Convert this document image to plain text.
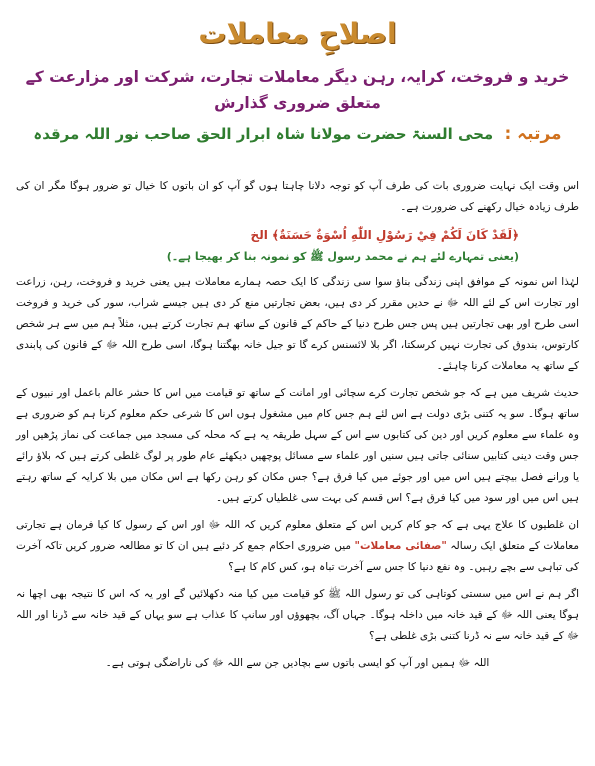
اصلاحِ معاملات
خرید و فروخت، کرایہ، رہن دیگر معاملات تجارت، شرکت اور مزارعت کے متعلق ضروری گذارش
مرتبہ : محی السنۃ حضرت مولانا شاہ ابرار الحق صاحب نور اللہ مرقدہ

اس وقت ایک نہایت ضروری بات کی طرف آپ کو توجہ دلانا چاہتا ہوں گو آپ کو ان باتوں کا خیال تو ضرور ہوگا مگر ان کی طرف زیادہ خیال رکھنے کی ضرورت ہے۔

﴿لَقَدْ كَانَ لَكُمْ فِيْ رَسُوْلِ اللّٰهِ اُسْوَةٌ حَسَنَةٌ﴾ الخ
(یعنی تمہارے لئے ہم نے محمد رسول ﷺ کو نمونہ بنا کر بھیجا ہے۔)

لہٰذا اس نمونہ کے موافق اپنی زندگی بناؤ سوا سی زندگی کا ایک حصہ ہمارے معاملات ہیں یعنی خرید و فروخت، رہن، زراعت اور تجارت اس کے لئے اللہ ﷻ نے حدیں مقرر کر دی ہیں، بعض تجارتیں منع کر دی ہیں جیسے شراب، سور کی خرید و فروخت اسی طرح اور بھی تجارتیں ہیں پس جس طرح دنیا کے حاکم کے قانون کے ساتھ ہم تجارت کرتے ہیں، مثلاً ہم میں سے ہر شخص کارتوس، بندوق کی تجارت نہیں کرسکتا، اگر بلا لائسنس کرے گا تو جیل خانہ بھگتنا ہوگا، اسی طرح اللہ ﷻ کے قانون کی پابندی کے ساتھ یہ معاملات کرنا چاہئے۔

حدیث شریف میں ہے کہ جو شخص تجارت کرے سچائی اور امانت کے ساتھ تو قیامت میں اس کا حشر عالم باعمل اور نبیوں کے ساتھ ہوگا۔ سو یہ کتنی بڑی دولت ہے اس لئے ہم جس کام میں مشغول ہوں اس کا شرعی حکم معلوم کرنا ہم کو ضروری ہے وہ علماء سے معلوم کریں اور دین کی کتابوں سے اس کے سہل طریقہ یہ ہے کہ محلہ کی مسجد میں جماعت کی نماز پڑھیں اور جس وقت دینی کتابیں سنائی جاتی ہیں سنیں اور علماء سے مسائل پوچھیں دیکھئے عام طور پر لوگ غلطی کرتے ہیں کہ بلاؤ رائے یا ورانے فصل بیچتے ہیں اس میں اور جوئے میں کیا فرق ہے؟ جس مکان کو رہن رکھا ہے اس مکان میں بلا کرایہ کے ساتھ رہتے ہیں اس میں اور سود میں کیا فرق ہے؟ اس قسم کی بہت سی غلطیاں کرتے ہیں۔

ان غلطیوں کا علاج یہی ہے کہ جو کام کریں اس کے متعلق معلوم کریں کہ اللہ ﷻ اور اس کے رسول کا کیا فرمان ہے تجارتی معاملات کے متعلق ایک رسالہ "صفائی معاملات" میں ضروری احکام جمع کر دئیے ہیں ان کا تو مطالعہ ضرور کریں تاکہ آخرت کی تباہی سے بچے رہیں۔ وہ نفع دنیا کا جس سے آخرت تباہ ہو، کس کام کا ہے؟

اگر ہم نے اس میں سستی کوتاہی کی تو رسول اللہ ﷺ کو قیامت میں کیا منہ دکھلائیں گے اور یہ کہ اس کا نتیجہ بھی اچھا نہ ہوگا یعنی اللہ ﷻ کے قید خانہ میں داخلہ ہوگا۔ جہاں آگ، بچھوؤں اور سانپ کا عذاب ہے سو یہاں کے قید خانہ سے ڈرنا اور اللہ ﷻ کے قید خانہ سے نہ ڈرنا کتنی بڑی غلطی ہے؟

اللہ ﷻ ہمیں اور آپ کو ایسی باتوں سے بچادیں جن سے اللہ ﷻ کی ناراضگی ہوتی ہے۔
